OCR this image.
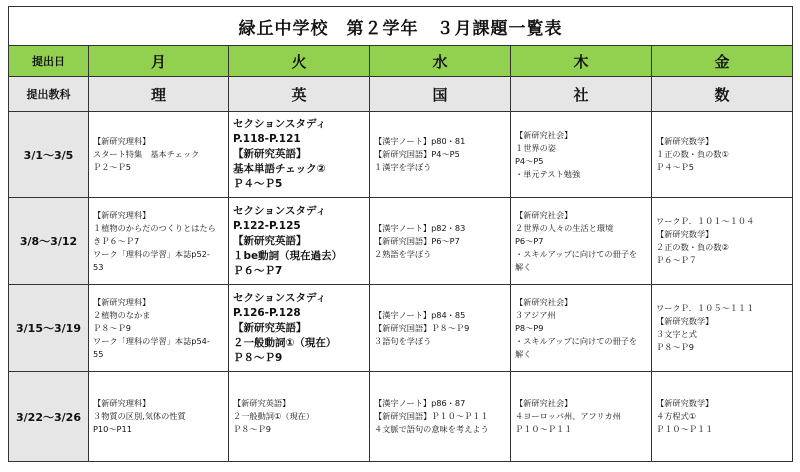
緑丘中学校　第２学年　３月課題一覧表					
提出日	月	火	水	木	金
提出教科	理	英	国	社	数
3/1～3/5	【新研究理科】
スタート特集　基本チェック
Ｐ２～Ｐ5	セクションスタディ
P.118-P.121
【新研究英語】
基本単語チェック②
Ｐ４～Ｐ5	【漢字ノート】p80・81
【新研究国語】P4～P5
１漢字を学ぼう	【新研究社会】
１世界の姿
P4～P5
・単元テスト勉強	【新研究数学】
１正の数・負の数①
Ｐ４～Ｐ5

3/8～3/12	【新研究理科】
１植物のからだのつくりとはたら
きＰ６～Ｐ7
ワーク「理科の学習」本誌p52-
53	セクションスタディ
P.122-P.125
【新研究英語】
１be動詞（現在過去）
Ｐ６～Ｐ7	【漢字ノート】p82・83
【新研究国語】P6～P7
２熟語を学ぼう	【新研究社会】
２世界の人々の生活と環境
P6～P7
・スキルアップに向けての冊子を
解く	ワークＰ．１０１～１０４
【新研究数学】
２正の数・負の数②
Ｐ６～Ｐ７

3/15～3/19	【新研究理科】
２植物のなかま
Ｐ８～Ｐ9
ワーク「理科の学習」本誌p54-
55	セクションスタディ
P.126-P.128
【新研究英語】
２一般動詞①（現在）
Ｐ８～Ｐ9	【漢字ノート】p84・85
【新研究国語】Ｐ８～Ｐ9
３語句を学ぼう	【新研究社会】
３アジア州
P8～P9
・スキルアップに向けての冊子を
解く	ワークＰ．１０５～１１１
【新研究数学】
３文字と式
Ｐ８～Ｐ9

3/22～3/26	【新研究理科】
３物質の区別,気体の性質
P10～P11	【新研究英語】
２一般動詞①（現在）
Ｐ８～Ｐ9	【漢字ノート】p86・87
【新研究国語】Ｐ１０～Ｐ１１
４文脈で語句の意味を考えよう	【新研究社会】
４ヨーロッパ州、アフリカ州
Ｐ１０～Ｐ１１	【新研究数学】
４方程式①
Ｐ１０～Ｐ１１
